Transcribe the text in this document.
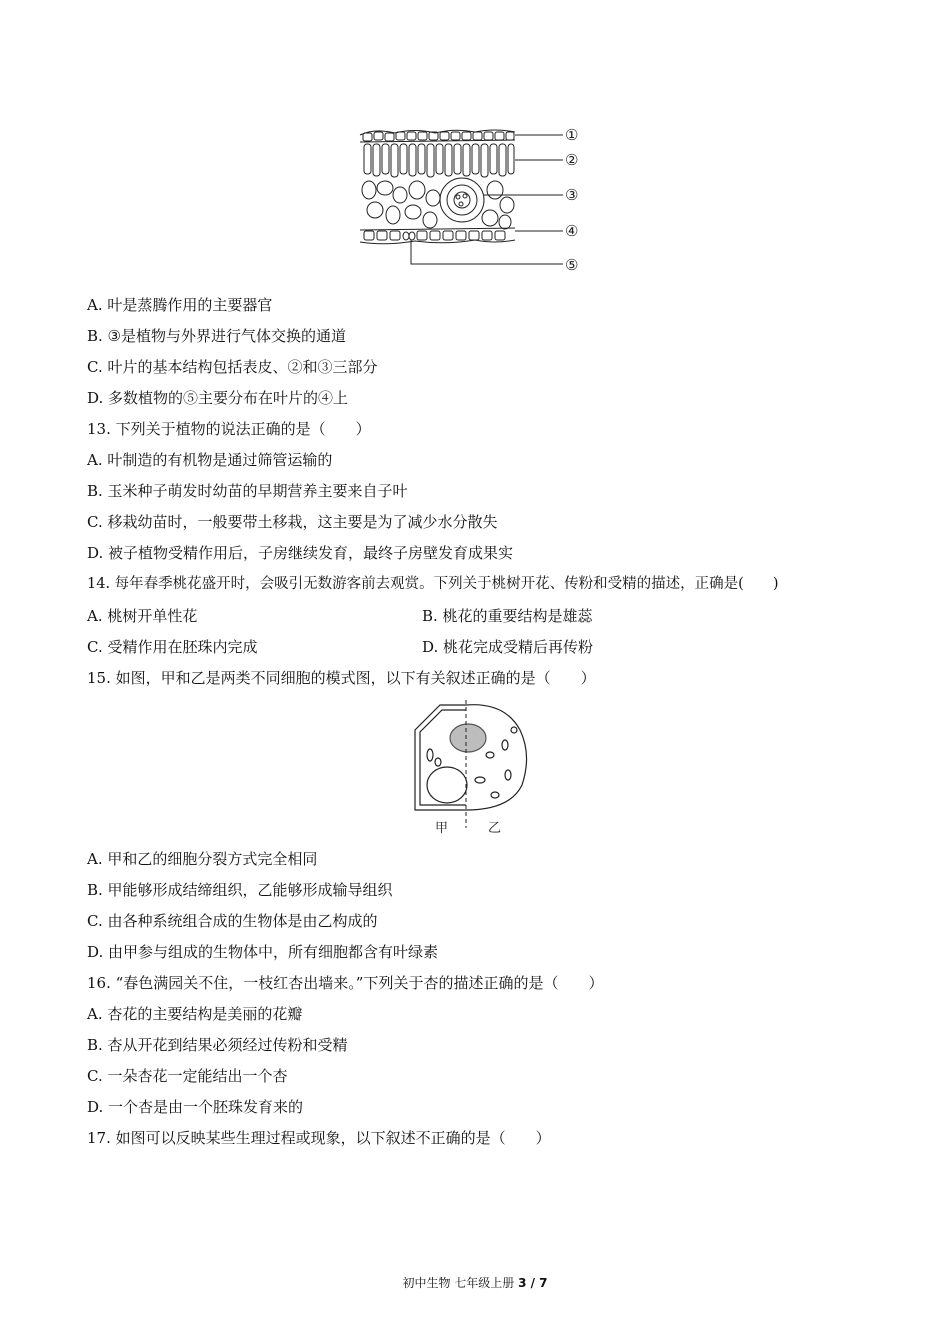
①
②
③
④
⑤
A. 叶是蒸腾作用的主要器官
B. ③是植物与外界进行气体交换的通道
C. 叶片的基本结构包括表皮、②和③三部分
D. 多数植物的⑤主要分布在叶片的④上
13. 下列关于植物的说法正确的是（　　）
A. 叶制造的有机物是通过筛管运输的
B. 玉米种子萌发时幼苗的早期营养主要来自子叶
C. 移栽幼苗时，一般要带土移栽，这主要是为了减少水分散失
D. 被子植物受精作用后，子房继续发育，最终子房壁发育成果实
14. 每年春季桃花盛开时，会吸引无数游客前去观赏。下列关于桃树开花、传粉和受精的描述，正确是(　　)
A. 桃树开单性花	B. 桃花的重要结构是雄蕊
C. 受精作用在胚珠内完成	D. 桃花完成受精后再传粉
15. 如图，甲和乙是两类不同细胞的模式图，以下有关叙述正确的是（　　）
甲	乙
A. 甲和乙的细胞分裂方式完全相同
B. 甲能够形成结缔组织，乙能够形成输导组织
C. 由各种系统组合成的生物体是由乙构成的
D. 由甲参与组成的生物体中，所有细胞都含有叶绿素
16. “春色满园关不住，一枝红杏出墙来。”下列关于杏的描述正确的是（　　）
A. 杏花的主要结构是美丽的花瓣
B. 杏从开花到结果必须经过传粉和受精
C. 一朵杏花一定能结出一个杏
D. 一个杏是由一个胚珠发育来的
17. 如图可以反映某些生理过程或现象，以下叙述不正确的是（　　）
初中生物 七年级上册 3 / 7
